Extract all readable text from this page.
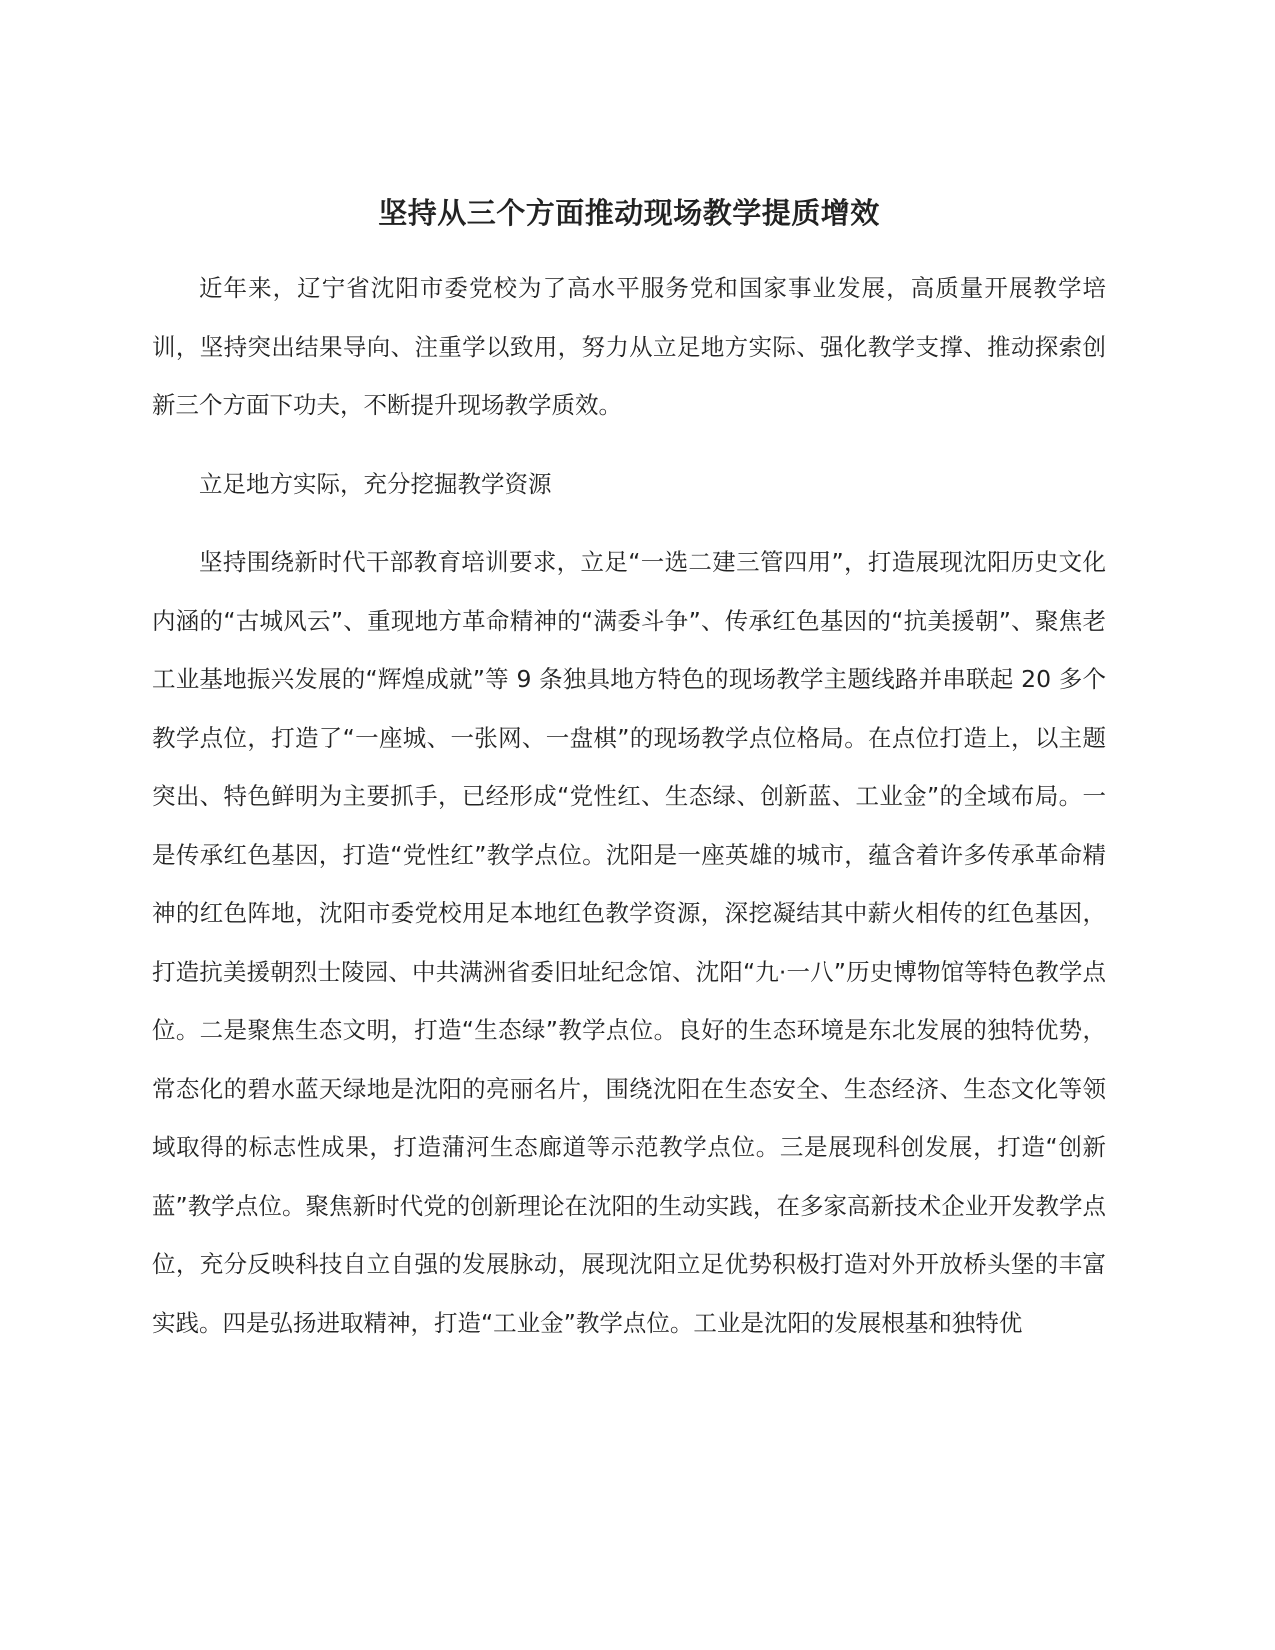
坚持从三个方面推动现场教学提质增效

近年来，辽宁省沈阳市委党校为了高水平服务党和国家事业发展，高质量开展教学培训，坚持突出结果导向、注重学以致用，努力从立足地方实际、强化教学支撑、推动探索创新三个方面下功夫，不断提升现场教学质效。

立足地方实际，充分挖掘教学资源

坚持围绕新时代干部教育培训要求，立足“一选二建三管四用”，打造展现沈阳历史文化内涵的“古城风云”、重现地方革命精神的“满委斗争”、传承红色基因的“抗美援朝”、聚焦老工业基地振兴发展的“辉煌成就”等 9 条独具地方特色的现场教学主题线路并串联起 20 多个教学点位，打造了“一座城、一张网、一盘棋”的现场教学点位格局。在点位打造上，以主题突出、特色鲜明为主要抓手，已经形成“党性红、生态绿、创新蓝、工业金”的全域布局。一是传承红色基因，打造“党性红”教学点位。沈阳是一座英雄的城市，蕴含着许多传承革命精神的红色阵地，沈阳市委党校用足本地红色教学资源，深挖凝结其中薪火相传的红色基因，打造抗美援朝烈士陵园、中共满洲省委旧址纪念馆、沈阳“九·一八”历史博物馆等特色教学点位。二是聚焦生态文明，打造“生态绿”教学点位。良好的生态环境是东北发展的独特优势，常态化的碧水蓝天绿地是沈阳的亮丽名片，围绕沈阳在生态安全、生态经济、生态文化等领域取得的标志性成果，打造蒲河生态廊道等示范教学点位。三是展现科创发展，打造“创新蓝”教学点位。聚焦新时代党的创新理论在沈阳的生动实践，在多家高新技术企业开发教学点位，充分反映科技自立自强的发展脉动，展现沈阳立足优势积极打造对外开放桥头堡的丰富实践。四是弘扬进取精神，打造“工业金”教学点位。工业是沈阳的发展根基和独特优
